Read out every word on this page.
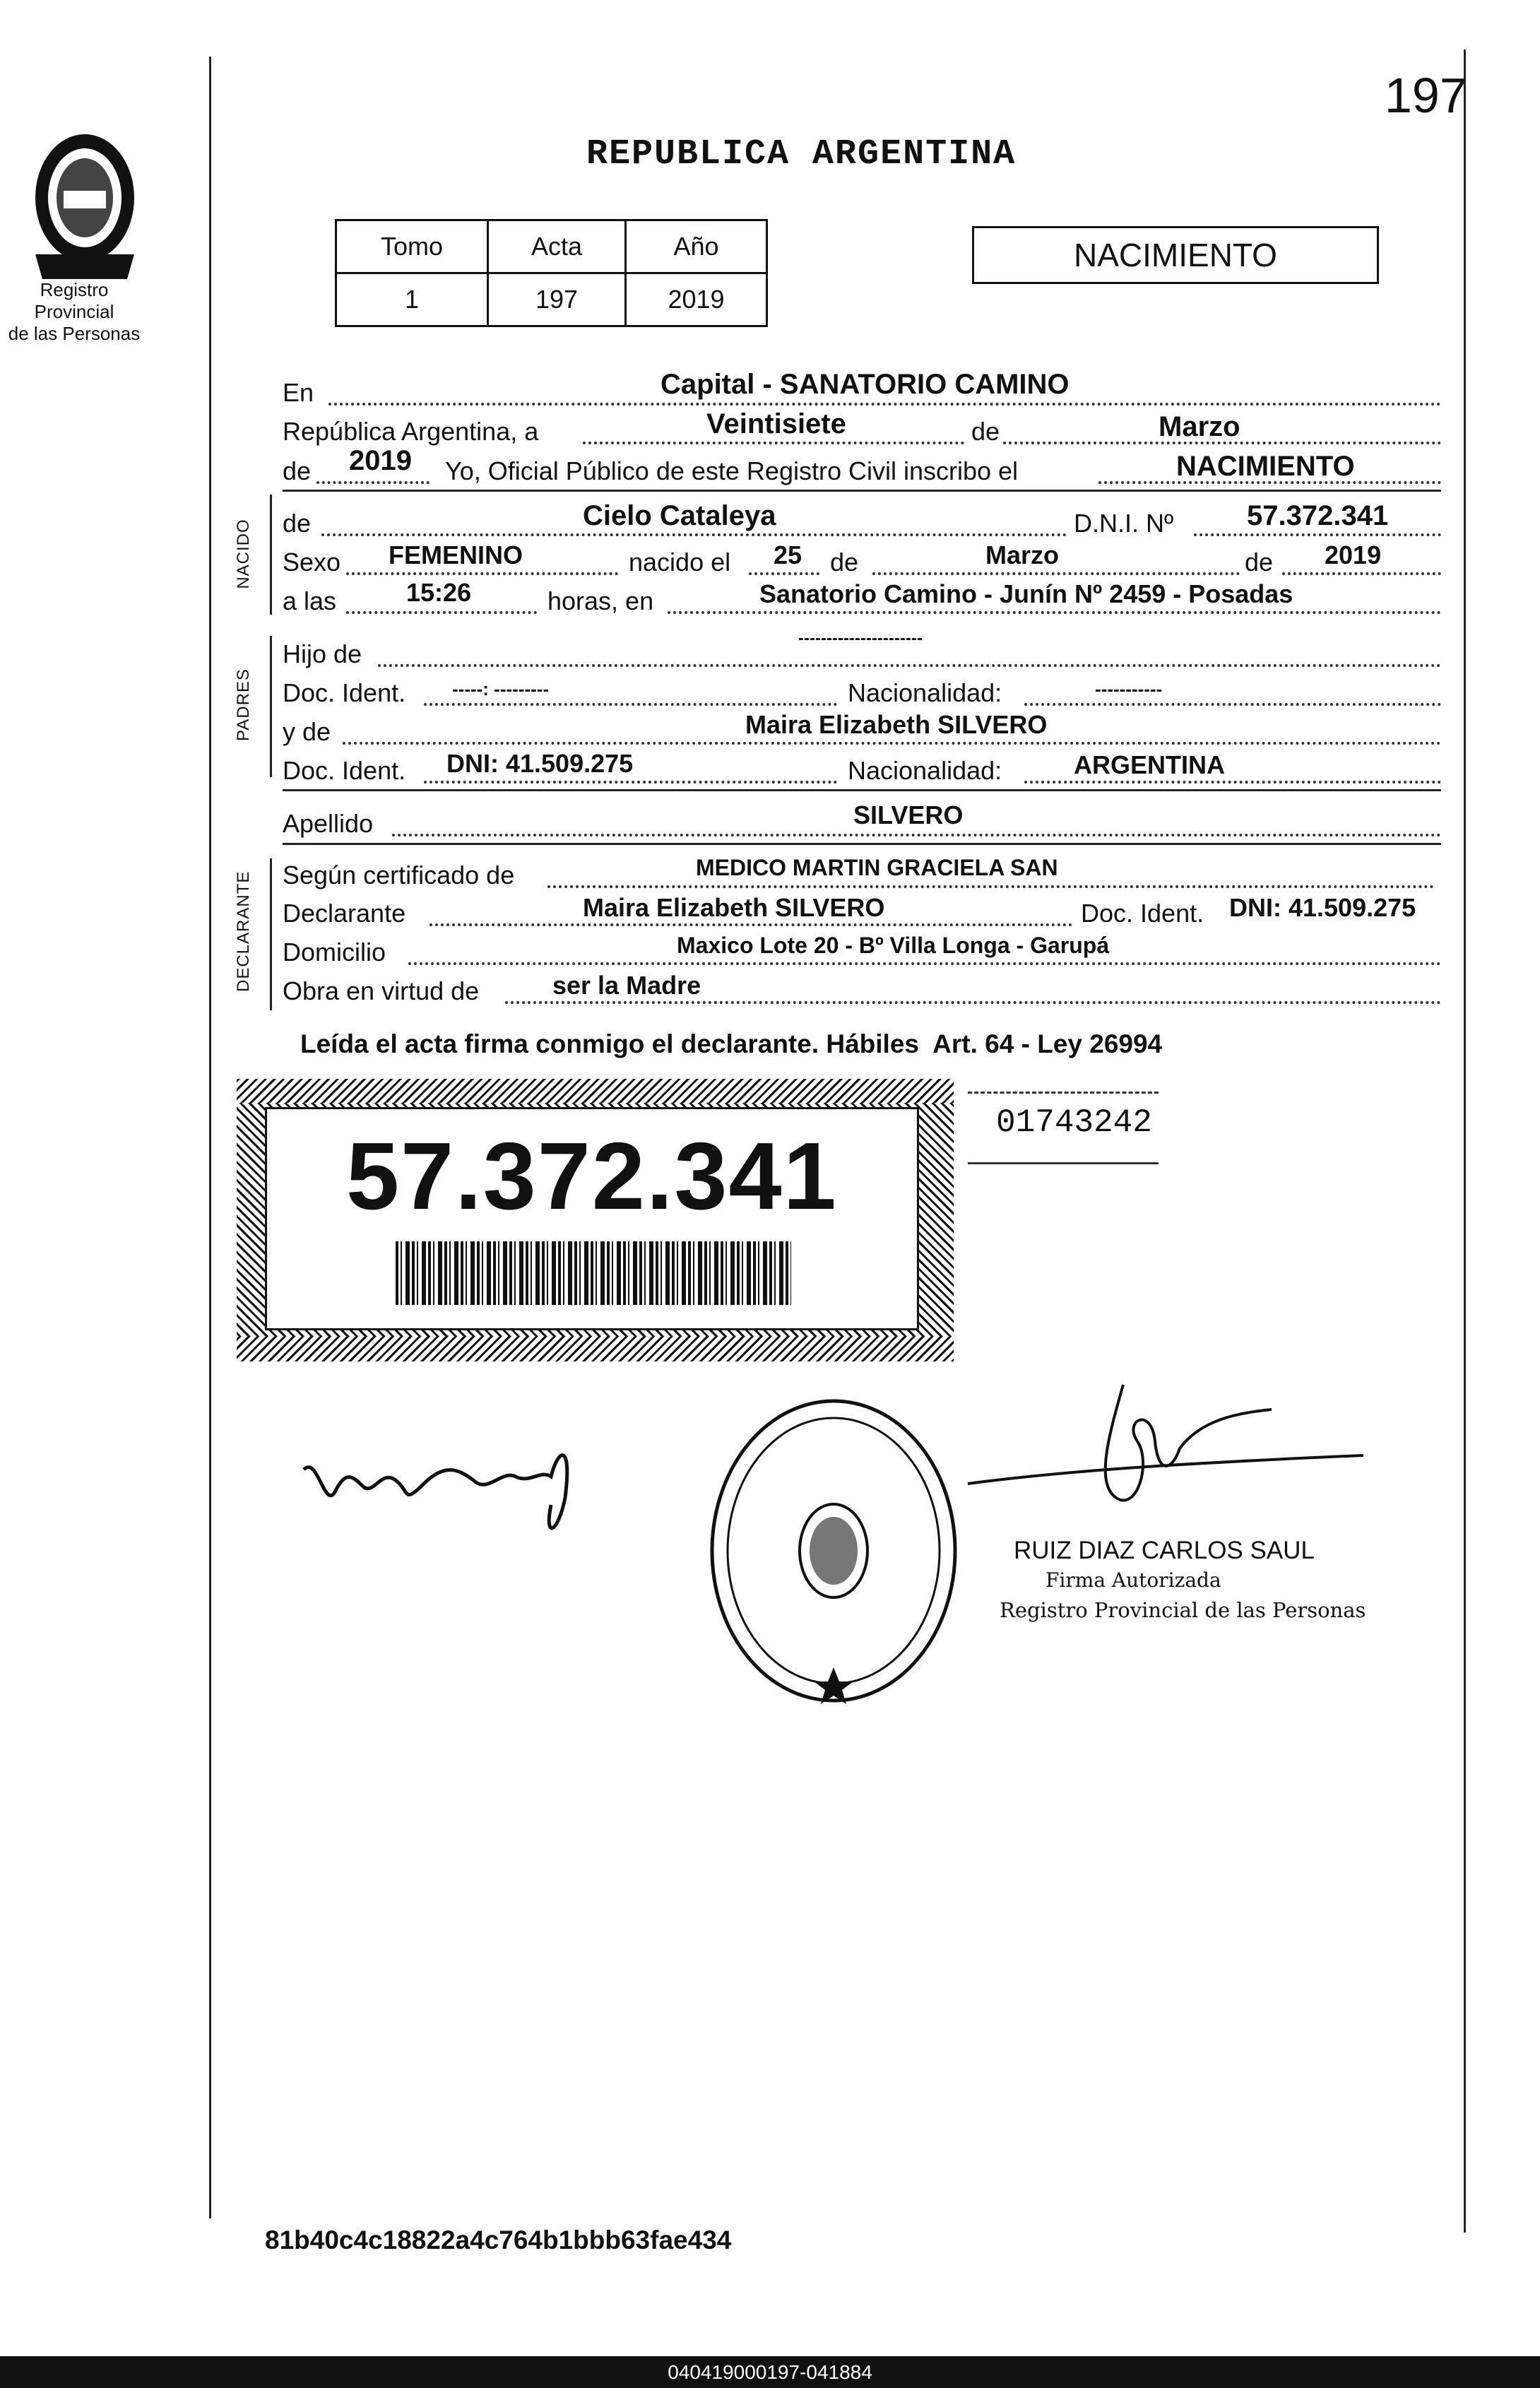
Registro Provincial
de las Personas
197
REPUBLICA ARGENTINA
Tomo	Acta	Año
1	197	2019
NACIMIENTO
En	Capital - SANATORIO CAMINO
República Argentina, a	Veintisiete	de	Marzo
de 2019 Yo, Oficial Público de este Registro Civil inscribo el	NACIMIENTO
NACIDO de	Cielo Cataleya	D.N.I. Nº	57.372.341
Sexo FEMENINO	nacido el 25 de	Marzo	de 2019
a las	15:26	horas, en	Sanatorio Camino - Junín Nº 2459 - Posadas
PADRES
Hijo de
----------------------
Doc. Ident.	-----: ---------	Nacionalidad:	-----------
y de	Maira Elizabeth SILVERO
Doc. Ident. DNI: 41.509.275	Nacionalidad:	ARGENTINA
Apellido	SILVERO
DECLARANTE Según certificado de	MEDICO MARTIN GRACIELA SAN
Declarante	Maira Elizabeth SILVERO	Doc. Ident. DNI: 41.509.275
Domicilio	Maxico Lote 20 - Bº Villa Longa - Garupá
Obra en virtud de	ser la Madre
Leída el acta firma conmigo el declarante. Hábiles  Art. 64 - Ley 26994
57.372.341	01743242
RUIZ DIAZ CARLOS SAUL
Firma Autorizada
Registro Provincial de las Personas
81b40c4c18822a4c764b1bbb63fae434
040419000197-041884
